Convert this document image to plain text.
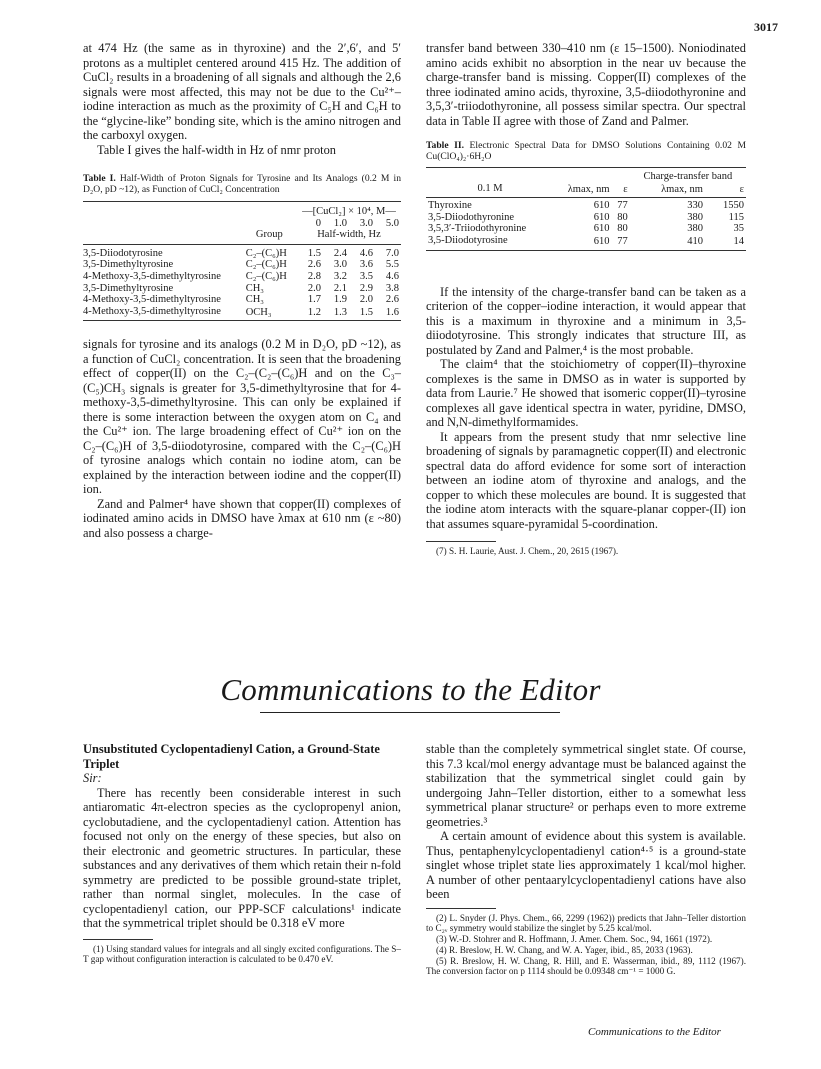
3017

at 474 Hz (the same as in thyroxine) and the 2′,6′, and 5′ protons as a multiplet centered around 415 Hz. The addition of CuCl₂ results in a broadening of all signals and although the 2,6 signals were most affected, this may not be due to the Cu²⁺–iodine interaction as much as the proximity of C₅H and C₆H to the “glycine-like” bonding site, which is the amino nitrogen and the carboxyl oxygen.

Table I gives the half-width in Hz of nmr proton

Table I. Half-Width of Proton Signals for Tyrosine and Its Analogs (0.2 M in D₂O, pD ~12), as Function of CuCl₂ Concentration

		—[CuCl₂] × 10⁴, M—			
		0	1.0	3.0	5.0
	Group	Half-width, Hz			

3,5-Diiodotyrosine	C₂–(C₆)H	1.5	2.4	4.6	7.0
3,5-Dimethyltyrosine	C₂–(C₆)H	2.6	3.0	3.6	5.5
4-Methoxy-3,5-dimethyltyrosine	C₂–(C₆)H	2.8	3.2	3.5	4.6
3,5-Dimethyltyrosine	CH₃	2.0	2.1	2.9	3.8
4-Methoxy-3,5-dimethyltyrosine	CH₃	1.7	1.9	2.0	2.6
4-Methoxy-3,5-dimethyltyrosine	OCH₃	1.2	1.3	1.5	1.6

signals for tyrosine and its analogs (0.2 M in D₂O, pD ~12), as a function of CuCl₂ concentration. It is seen that the broadening effect of copper(II) on the C₂–(C₂–(C₆)H and on the C₃–(C₅)CH₃ signals is greater for 3,5-dimethyltyrosine that for 4-methoxy-3,5-dimethyltyrosine. This can only be explained if there is some interaction between the oxygen atom on C₄ and the Cu²⁺ ion. The large broadening effect of Cu²⁺ ion on the C₂–(C₆)H of 3,5-diiodotyrosine, compared with the C₂–(C₆)H of tyrosine analogs which contain no iodine atom, can be explained by the interaction between iodine and the copper(II) ion.

Zand and Palmer⁴ have shown that copper(II) complexes of iodinated amino acids in DMSO have λmax at 610 nm (ε ~80) and also possess a charge-

transfer band between 330–410 nm (ε 15–1500). Noniodinated amino acids exhibit no absorption in the near uv because the charge-transfer band is missing. Copper(II) complexes of the three iodinated amino acids, thyroxine, 3,5-diiodothyronine and 3,5,3′-triiodothyronine, all possess similar spectra. Our spectral data in Table II agree with those of Zand and Palmer.

Table II. Electronic Spectral Data for DMSO Solutions Containing 0.02 M Cu(ClO₄)₂·6H₂O

			Charge-transfer band	
0.1 M	λmax, nm	ε	λmax, nm	ε

Thyroxine	610	77	330	1550
3,5-Diiodothyronine	610	80	380	115
3,5,3′-Triiodothyronine	610	80	380	35
3,5-Diiodotyrosine	610	77	410	14

If the intensity of the charge-transfer band can be taken as a criterion of the copper–iodine interaction, it would appear that this is a maximum in thyroxine and a minimum in 3,5-diiodotyrosine. This strongly indicates that structure III, as postulated by Zand and Palmer,⁴ is the most probable.

The claim⁴ that the stoichiometry of copper(II)–thyroxine complexes is the same in DMSO as in water is supported by data from Laurie.⁷ He showed that isomeric copper(II)–tyrosine complexes all gave identical spectra in water, pyridine, DMSO, and N,N-dimethylformamides.

It appears from the present study that nmr selective line broadening of signals by paramagnetic copper(II) and electronic spectral data do afford evidence for some sort of interaction between an iodine atom of thyroxine and analogs, and the copper to which these molecules are bound. It is suggested that the iodine atom interacts with the square-planar copper-(II) ion that assumes square-pyramidal 5-coordination.

(7) S. H. Laurie, Aust. J. Chem., 20, 2615 (1967).

Communications to the Editor

Unsubstituted Cyclopentadienyl Cation, a Ground-State Triplet

Sir:

There has recently been considerable interest in such antiaromatic 4π-electron species as the cyclopropenyl anion, cyclobutadiene, and the cyclopentadienyl cation. Attention has focused not only on the energy of these species, but also on their electronic and geometric structures. In particular, these substances and any derivatives of them which retain their n-fold symmetry are predicted to be possible ground-state triplet, rather than normal singlet, molecules. In the case of cyclopentadienyl cation, our PPP-SCF calculations¹ indicate that the symmetrical triplet should be 0.318 eV more

(1) Using standard values for integrals and all singly excited configurations. The S–T gap without configuration interaction is calculated to be 0.470 eV.

stable than the completely symmetrical singlet state. Of course, this 7.3 kcal/mol energy advantage must be balanced against the stabilization that the symmetrical singlet could gain by undergoing Jahn–Teller distortion, either to a somewhat less symmetrical planar structure² or perhaps even to more extreme geometries.³

A certain amount of evidence about this system is available. Thus, pentaphenylcyclopentadienyl cation⁴·⁵ is a ground-state singlet whose triplet state lies approximately 1 kcal/mol higher. A number of other pentaarylcyclopentadienyl cations have also been

(2) L. Snyder (J. Phys. Chem., 66, 2299 (1962)) predicts that Jahn–Teller distortion to C₂ᵥ symmetry would stabilize the singlet by 5.25 kcal/mol.

(3) W.-D. Stohrer and R. Hoffmann, J. Amer. Chem. Soc., 94, 1661 (1972).

(4) R. Breslow, H. W. Chang, and W. A. Yager, ibid., 85, 2033 (1963).

(5) R. Breslow, H. W. Chang, R. Hill, and E. Wasserman, ibid., 89, 1112 (1967). The conversion factor on p 1114 should be 0.09348 cm⁻¹ = 1000 G.

Communications to the Editor
